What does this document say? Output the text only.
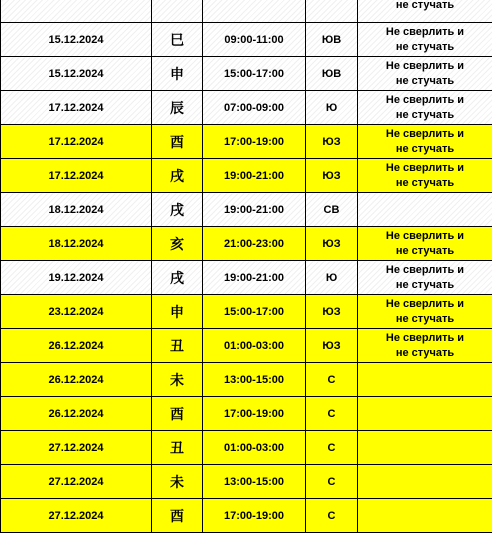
				не стучать

15.12.2024	巳	09:00-11:00	ЮВ	Не сверлить и
не стучать

15.12.2024	申	15:00-17:00	ЮВ	Не сверлить и
не стучать

17.12.2024	辰	07:00-09:00	Ю	Не сверлить и
не стучать

17.12.2024	酉	17:00-19:00	ЮЗ	Не сверлить и
не стучать

17.12.2024	戌	19:00-21:00	ЮЗ	Не сверлить и
не стучать

18.12.2024	戌	19:00-21:00	СВ	

18.12.2024	亥	21:00-23:00	ЮЗ	Не сверлить и
не стучать

19.12.2024	戌	19:00-21:00	Ю	Не сверлить и
не стучать

23.12.2024	申	15:00-17:00	ЮЗ	Не сверлить и
не стучать

26.12.2024	丑	01:00-03:00	ЮЗ	Не сверлить и
не стучать

26.12.2024	未	13:00-15:00	С	

26.12.2024	酉	17:00-19:00	С	

27.12.2024	丑	01:00-03:00	С	

27.12.2024	未	13:00-15:00	С	

27.12.2024	酉	17:00-19:00	С	
